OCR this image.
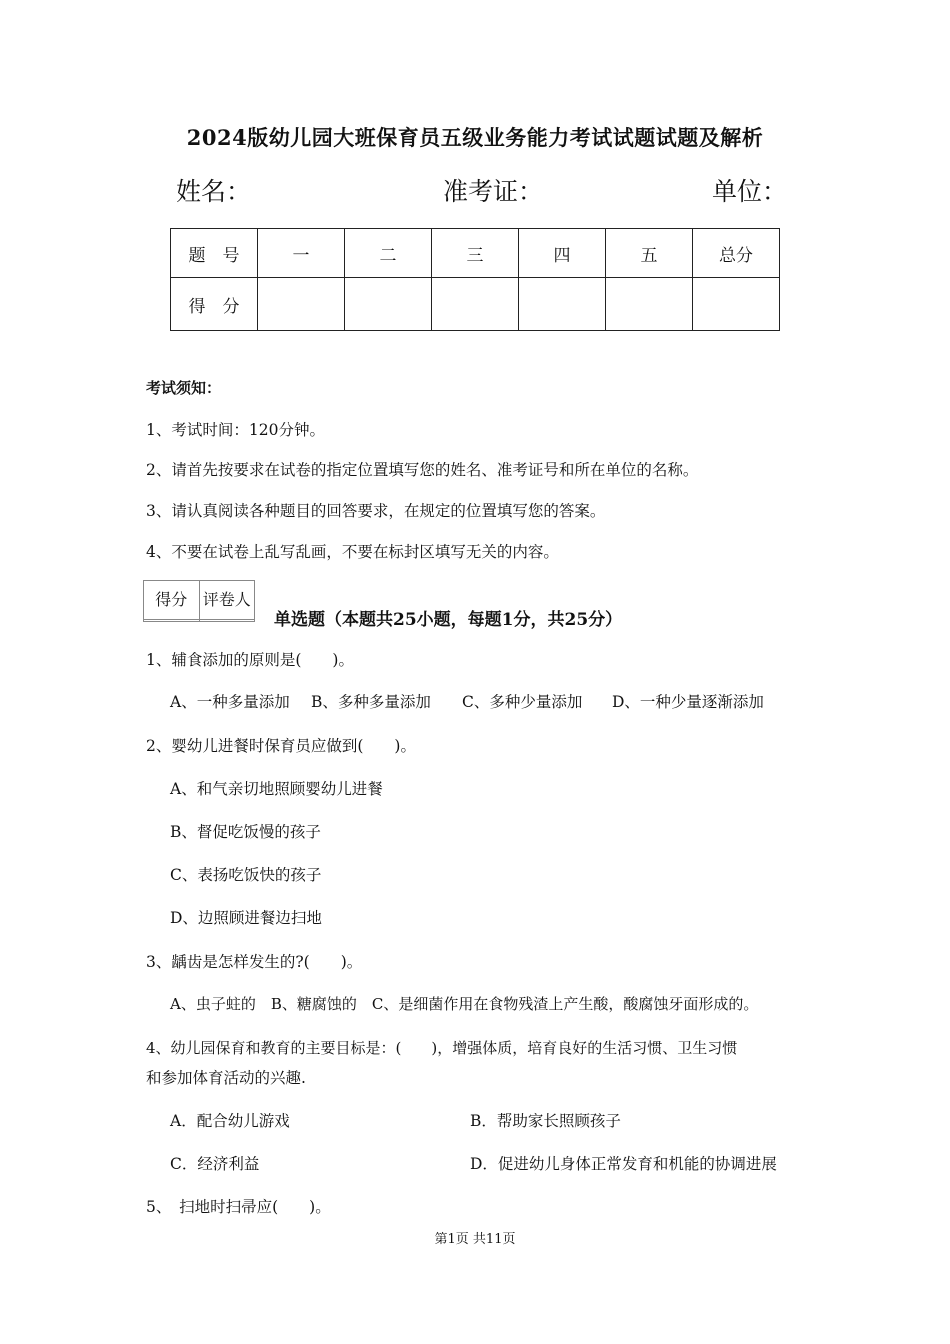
2024版幼儿园大班保育员五级业务能力考试试题试题及解析
姓名：	准考证：	单位：
题　号	一	二	三	四	五	总分
得　分						
考试须知：
1、考试时间：120分钟。
2、请首先按要求在试卷的指定位置填写您的姓名、准考证号和所在单位的名称。
3、请认真阅读各种题目的回答要求，在规定的位置填写您的答案。
4、不要在试卷上乱写乱画，不要在标封区填写无关的内容。
得分	评卷人

单选题（本题共25小题，每题1分，共25分）
1、辅食添加的原则是(　　)。
A、一种多量添加 B、多种多量添加 C、多种少量添加 D、一种少量逐渐添加
2、婴幼儿进餐时保育员应做到(　　)。
A、和气亲切地照顾婴幼儿进餐
B、督促吃饭慢的孩子
C、表扬吃饭快的孩子
D、边照顾进餐边扫地
3、龋齿是怎样发生的?(　　)。
A、虫子蛀的　B、糖腐蚀的　C、是细菌作用在食物残渣上产生酸，酸腐蚀牙面形成的。
4、幼儿园保育和教育的主要目标是：(　　)，增强体质，培育良好的生活习惯、卫生习惯
和参加体育活动的兴趣.
A．配合幼儿游戏	B．帮助家长照顾孩子
C．经济利益	D．促进幼儿身体正常发育和机能的协调进展
5、　扫地时扫帚应(　　)。
第1页 共11页
